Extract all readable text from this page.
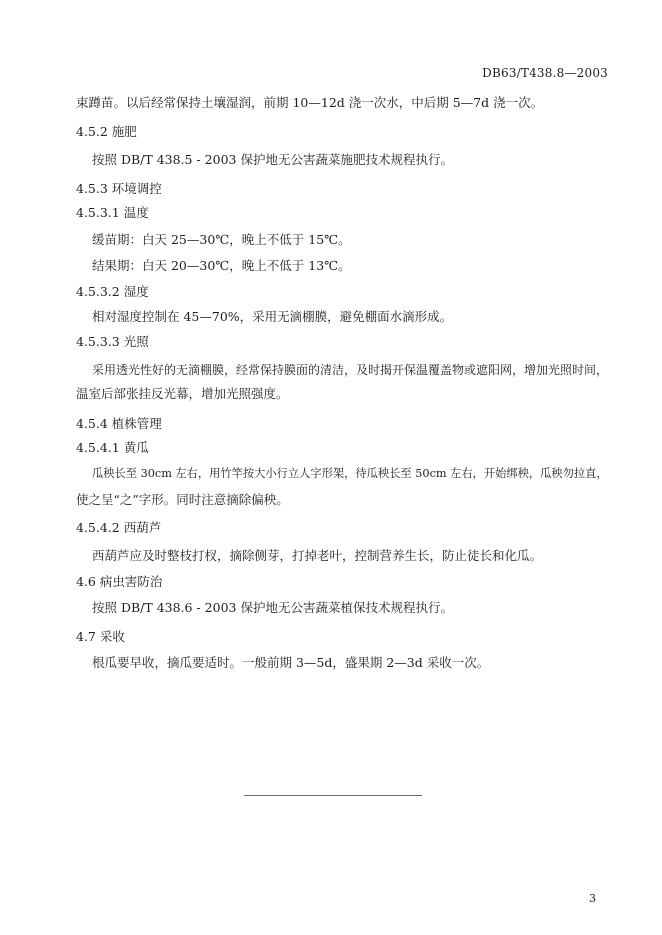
DB63/T438.8—2003
束蹲苗。以后经常保持土壤湿润，前期 10—12d 浇一次水，中后期 5—7d 浇一次。
4.5.2 施肥
按照 DB/T 438.5 - 2003 保护地无公害蔬菜施肥技术规程执行。
4.5.3 环境调控
4.5.3.1 温度
缓苗期：白天 25—30℃，晚上不低于 15℃。
结果期：白天 20—30℃，晚上不低于 13℃。
4.5.3.2 湿度
相对湿度控制在 45—70%，采用无滴棚膜，避免棚面水滴形成。
4.5.3.3 光照
采用透光性好的无滴棚膜，经常保持膜面的清洁，及时揭开保温覆盖物或遮阳网，增加光照时间，
温室后部张挂反光幕，增加光照强度。
4.5.4 植株管理
4.5.4.1 黄瓜
瓜秧长至 30cm 左右，用竹竿按大小行立人字形架，待瓜秧长至 50cm 左右，开始绑秧，瓜秧勿拉直，
使之呈“之”字形。同时注意摘除偏秧。
4.5.4.2 西葫芦
西葫芦应及时整枝打杈，摘除侧芽，打掉老叶，控制营养生长，防止徒长和化瓜。
4.6 病虫害防治
按照 DB/T 438.6 - 2003 保护地无公害蔬菜植保技术规程执行。
4.7 采收
根瓜要早收，摘瓜要适时。一般前期 3—5d，盛果期 2—3d 采收一次。
3
